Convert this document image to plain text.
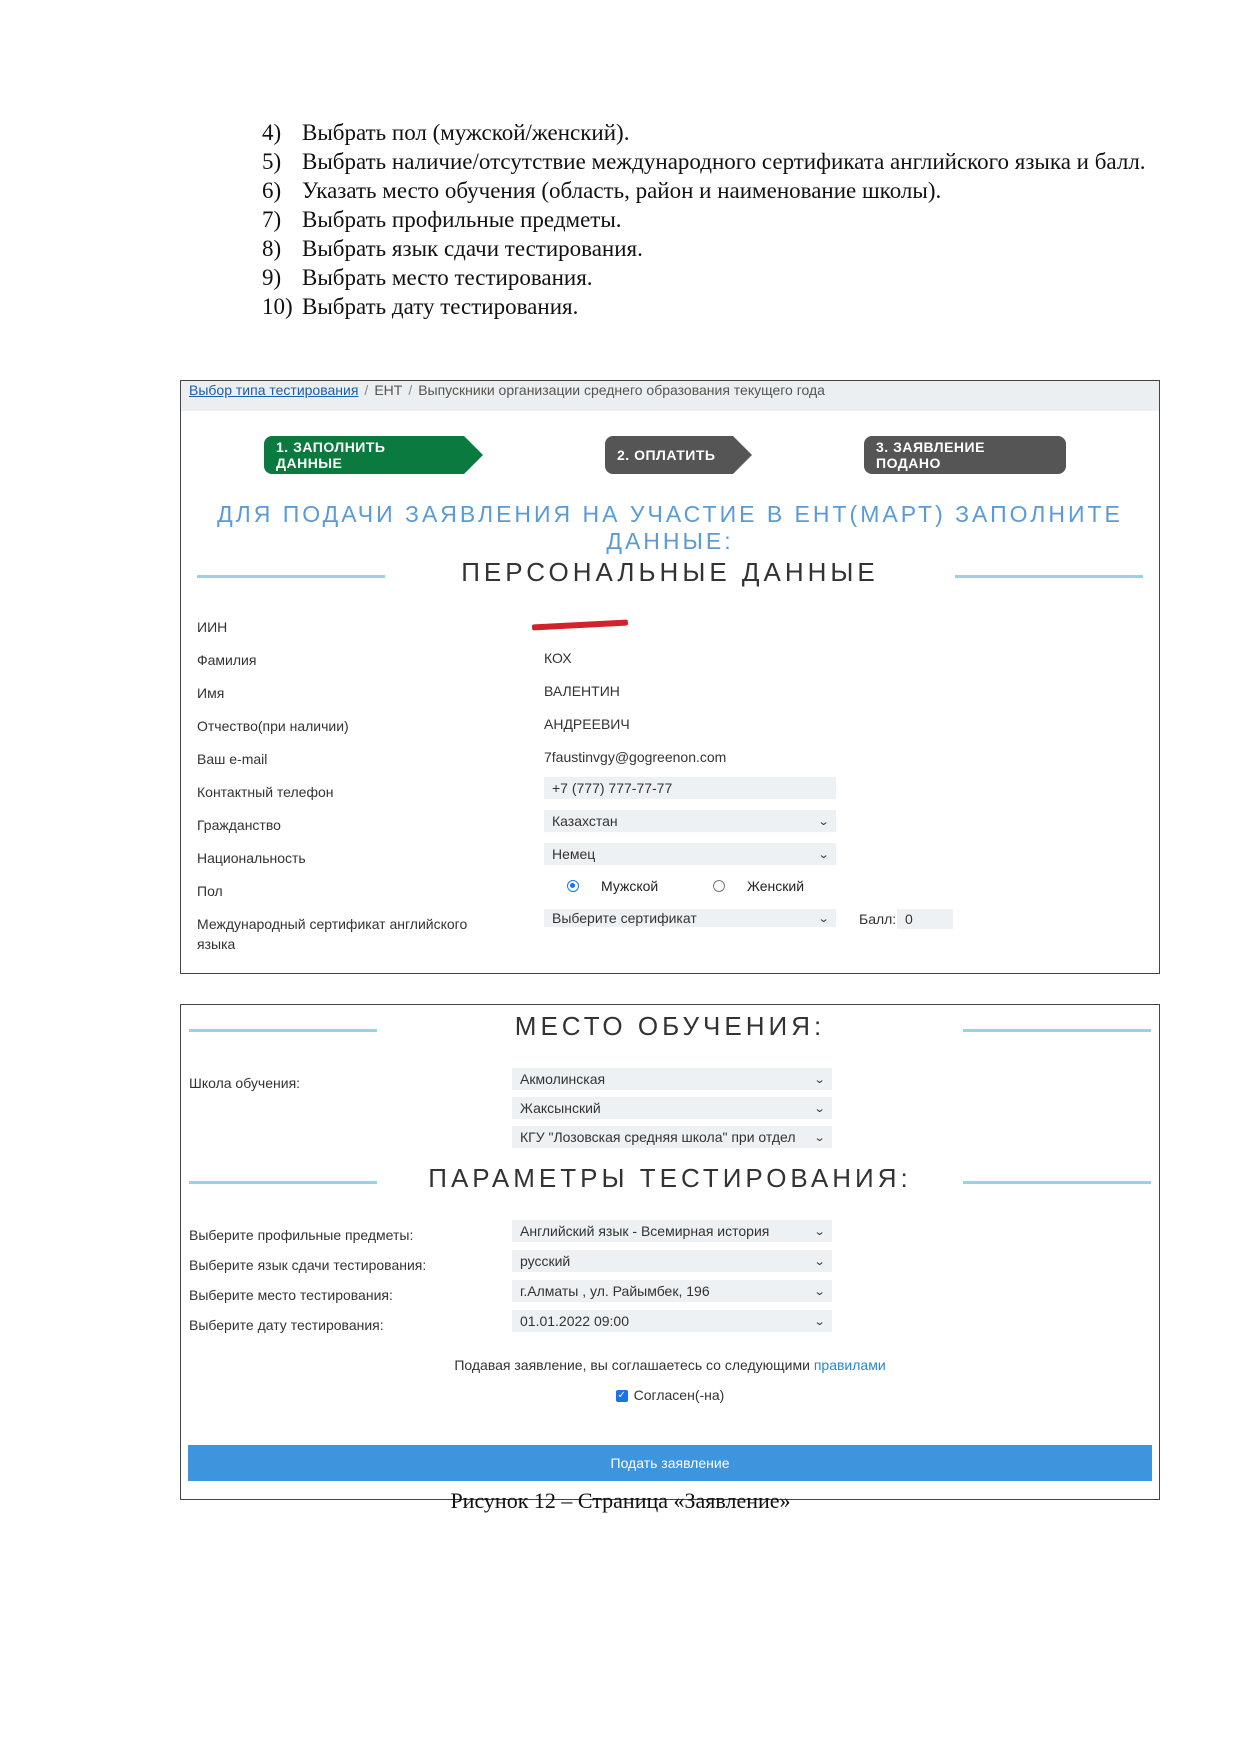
4) Выбрать пол (мужской/женский).
5) Выбрать наличие/отсутствие международного сертификата английского языка и балл.
6) Указать место обучения (область, район и наименование школы).
7) Выбрать профильные предметы.
8) Выбрать язык сдачи тестирования.
9) Выбрать место тестирования.
10) Выбрать дату тестирования.
Выбор типа тестирования / ЕНТ / Выпускники организации среднего образования текущего года
1. ЗАПОЛНИТЬ ДАННЫЕ	2. ОПЛАТИТЬ	3. ЗАЯВЛЕНИЕ ПОДАНО
ДЛЯ ПОДАЧИ ЗАЯВЛЕНИЯ НА УЧАСТИЕ В ЕНТ(МАРТ) ЗАПОЛНИТЕ ДАННЫЕ:
ПЕРСОНАЛЬНЫЕ ДАННЫЕ
ИИН
Фамилия	КОХ
Имя	ВАЛЕНТИН
Отчество(при наличии)	АНДРЕЕВИЧ
Ваш e-mail	7faustinvgy@gogreenon.com
Контактный телефон	+7 (777) 777-77-77
Гражданство	Казахстан	⌄
Национальность	Немец	⌄
Пол	Мужской	Женский
Международный сертификат английского языка
Выберите сертификат	⌄ Балл: 0
МЕСТО ОБУЧЕНИЯ:
Школа обучения:	Акмолинская	⌄
Жаксынский	⌄
КГУ "Лозовская средняя школа" при отдел ⌄
ПАРАМЕТРЫ ТЕСТИРОВАНИЯ:
Выберите профильные предметы:	Английский язык - Всемирная история	⌄
Выберите язык сдачи тестирования:	русский	⌄
Выберите место тестирования:	г.Алматы , ул. Райымбек, 196	⌄
Выберите дату тестирования:	01.01.2022 09:00	⌄
Подавая заявление, вы соглашаетесь со следующими правилами
✓ Согласен(-на)
Подать заявление
Рисунок 12 – Страница «Заявление»
